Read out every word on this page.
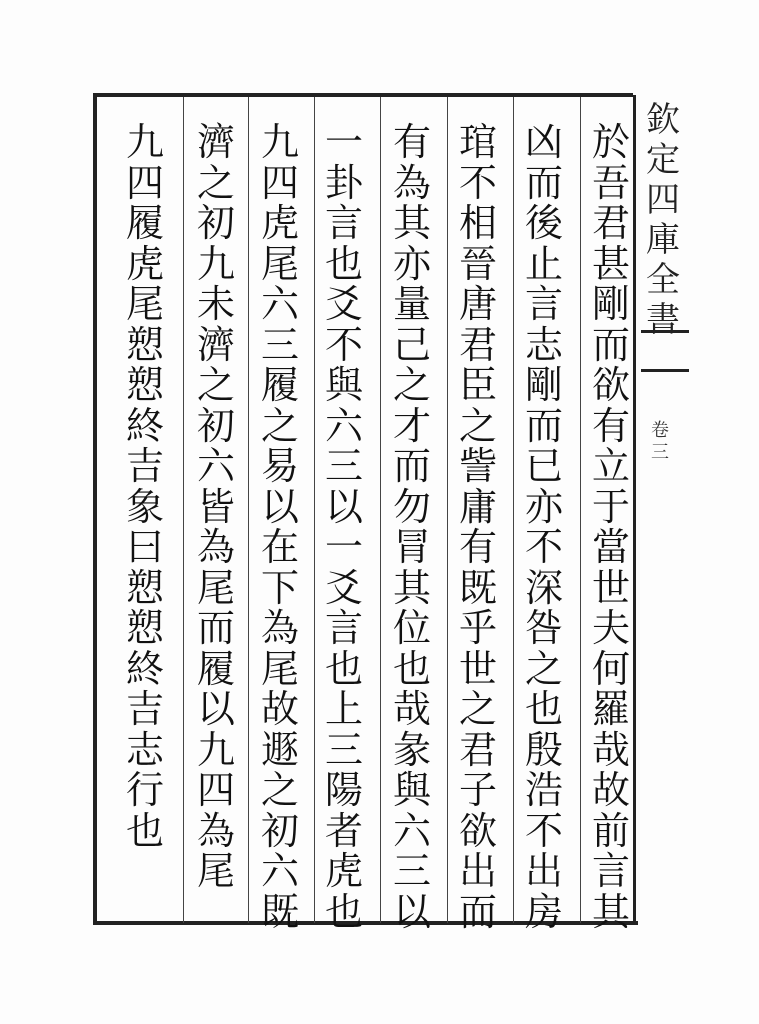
欽
定
四
庫
全
書
卷
三
於
吾
君
甚
剛
而
欲
有
立
于
當
世
夫
何
羅
哉
故
前
言
其
凶
而
後
止
言
志
剛
而
已
亦
不
深
咎
之
也
殷
浩
不
出
房
琯
不
相
晉
唐
君
臣
之
訾
庸
有
既
乎
世
之
君
子
欲
出
而
有
為
其
亦
量
己
之
才
而
勿
冐
其
位
也
哉
彖
與
六
三
以
一
卦
言
也
爻
不
與
六
三
以
一
爻
言
也
上
三
陽
者
虎
也
九
四
虎
尾
六
三
履
之
易
以
在
下
為
尾
故
遯
之
初
六
既
濟
之
初
九
未
濟
之
初
六
皆
為
尾
而
履
以
九
四
為
尾
九
四
履
虎
尾
愬
愬
終
吉
象
曰
愬
愬
終
吉
志
行
也
